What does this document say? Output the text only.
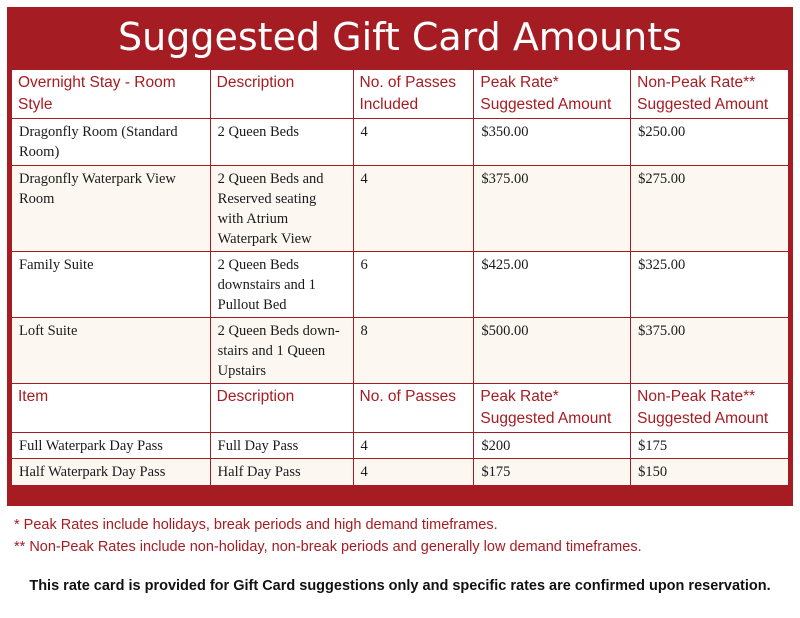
Suggested Gift Card Amounts
Overnight Stay - Room Style	Description	No. of Passes Included	Peak Rate* Suggested Amount	Non-Peak Rate** Suggested Amount
Dragonfly Room (Standard Room)	2 Queen Beds	4	$350.00	$250.00
Dragonfly Waterpark View Room	2 Queen Beds and Reserved seating with Atrium Waterpark View	4	$375.00	$275.00
Family Suite	2 Queen Beds downstairs and 1 Pullout Bed	6	$425.00	$325.00
Loft Suite	2 Queen Beds down-stairs and 1 Queen Upstairs	8	$500.00	$375.00
Item	Description	No. of Passes	Peak Rate* Suggested Amount	Non-Peak Rate** Suggested Amount
Full Waterpark Day Pass	Full Day Pass	4	$200	$175
Half Waterpark Day Pass	Half Day Pass	4	$175	$150
* Peak Rates include holidays, break periods and high demand timeframes.
** Non-Peak Rates include non-holiday, non-break periods and generally low demand timeframes.
This rate card is provided for Gift Card suggestions only and specific rates are confirmed upon reservation.
